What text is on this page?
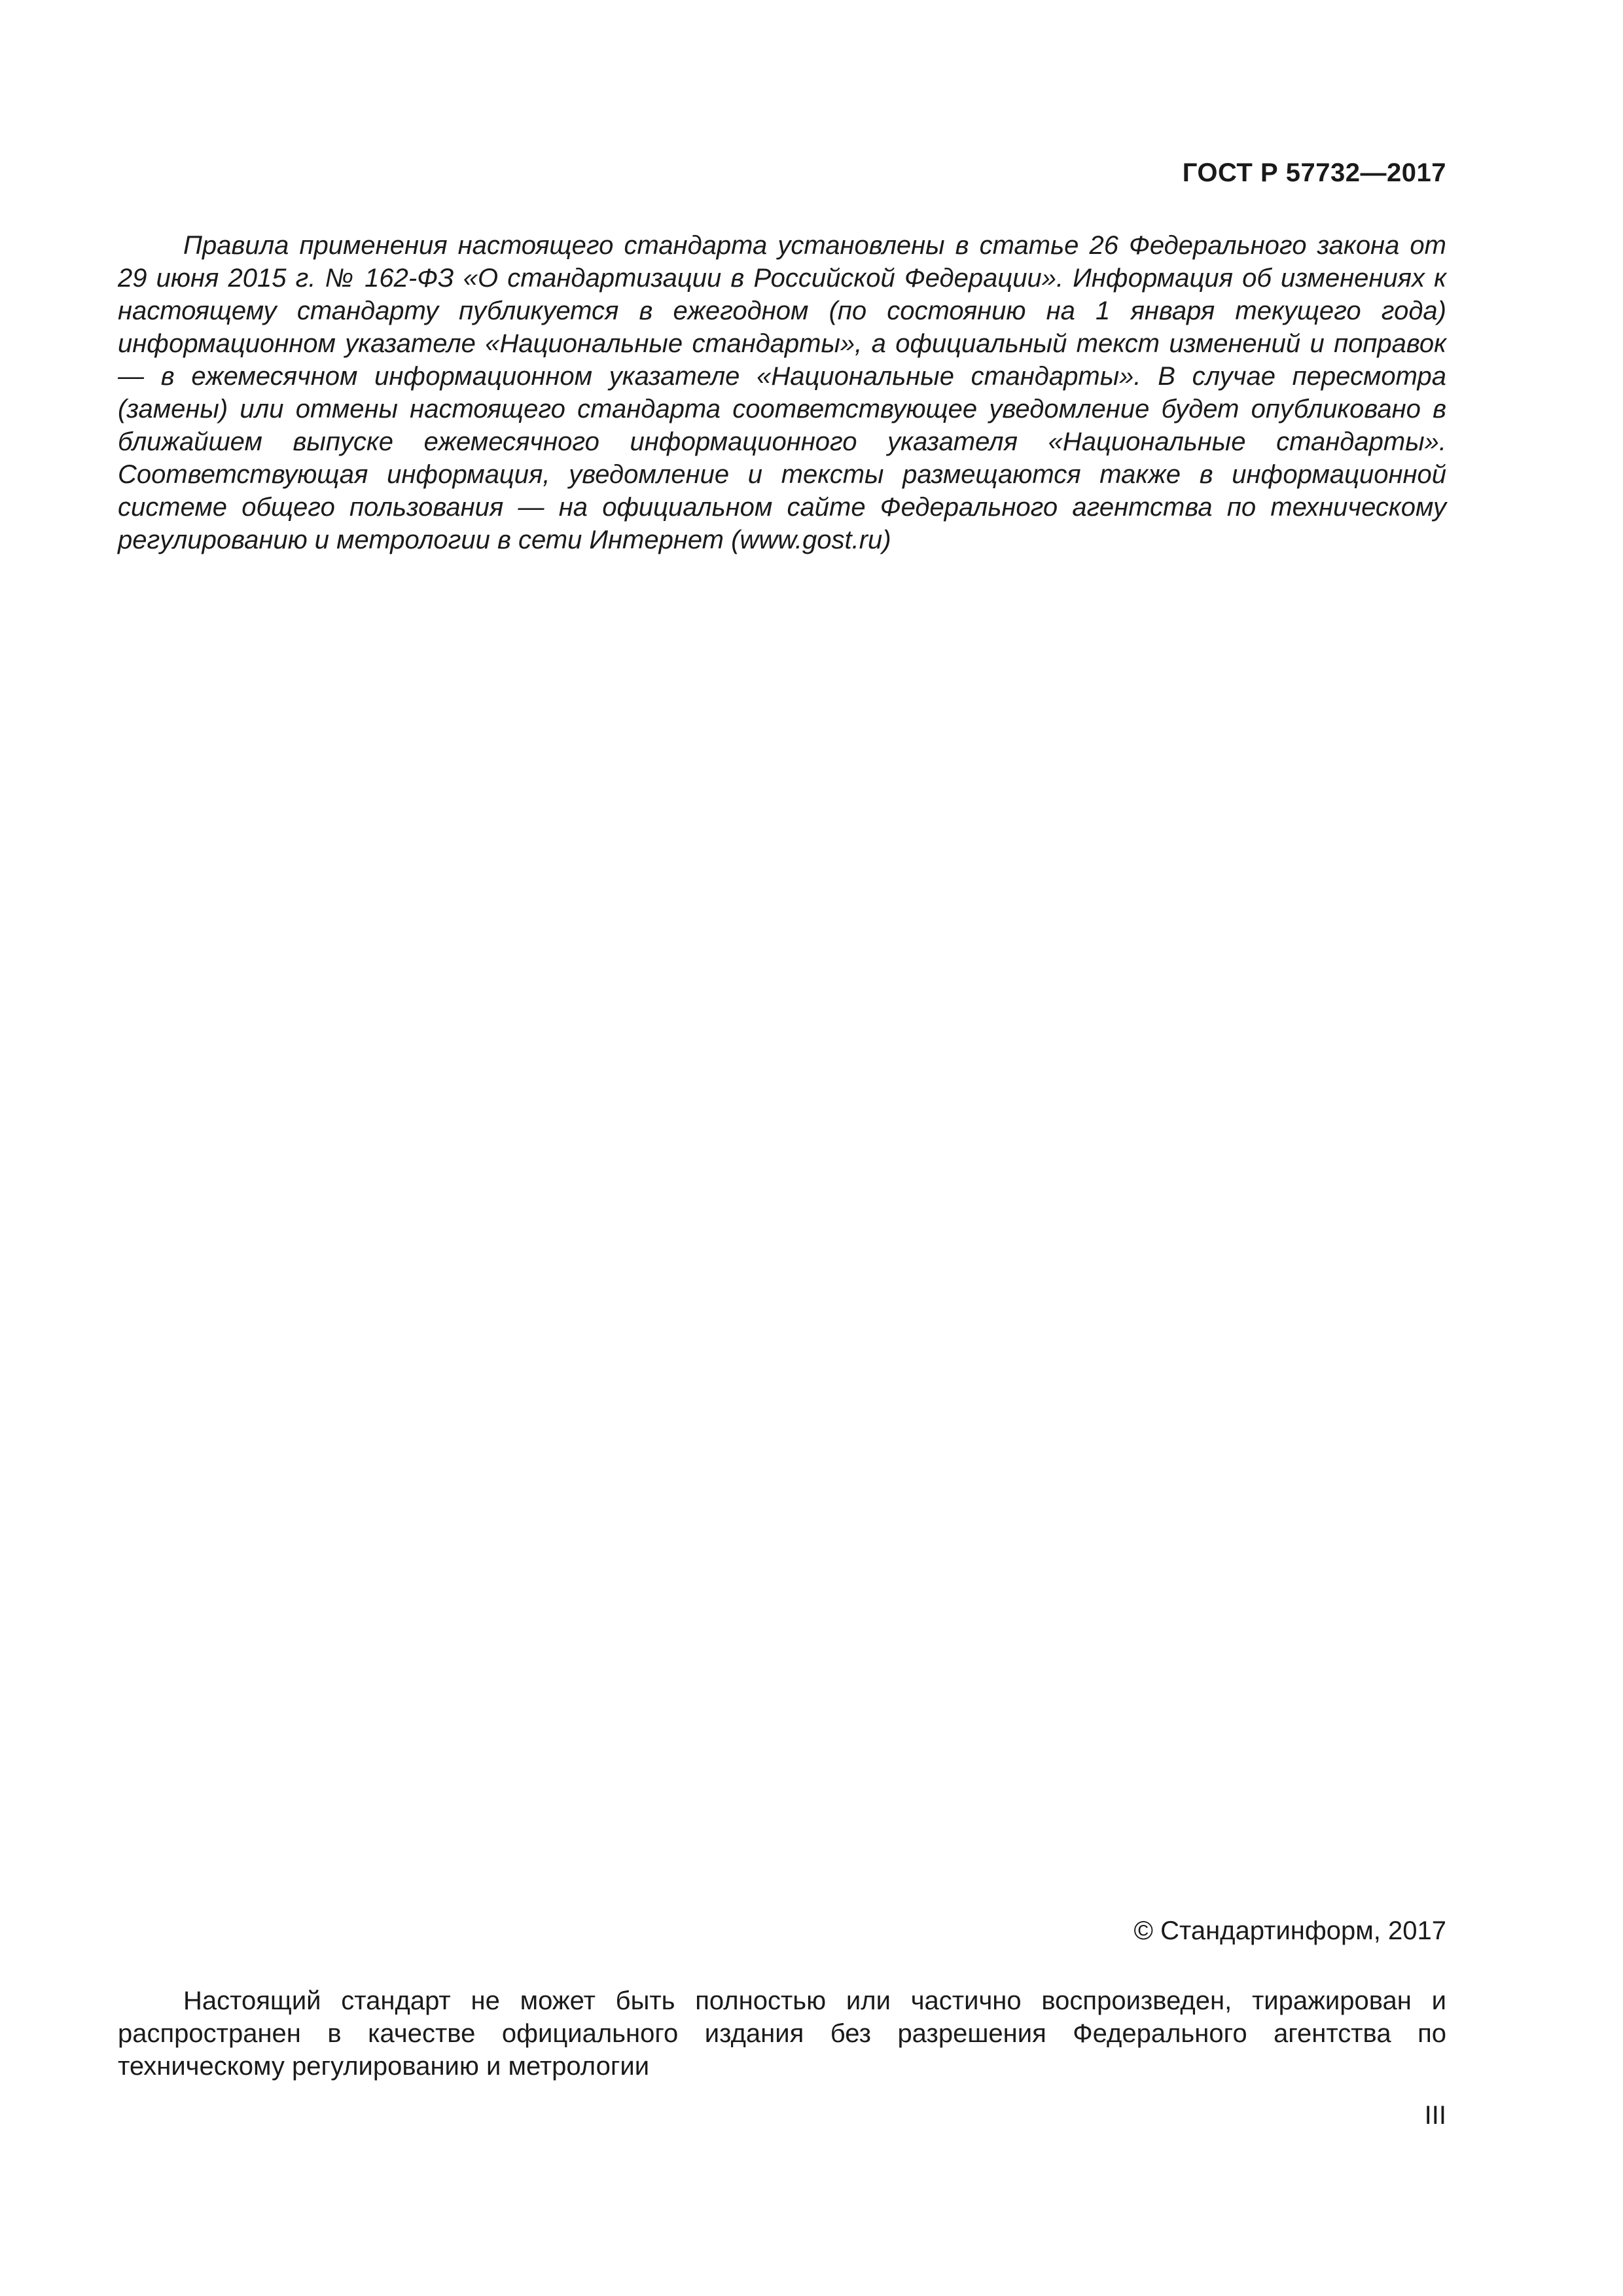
ГОСТ Р 57732—2017

Правила применения настоящего стандарта установлены в статье 26 Федерального закона от 29 июня 2015 г. № 162-ФЗ «О стандартизации в Российской Федерации». Информация об изменениях к настоящему стандарту публикуется в ежегодном (по состоянию на 1 января текущего года) информационном указателе «Национальные стандарты», а официальный текст изменений и поправок — в ежемесячном информационном указателе «Национальные стандарты». В случае пересмотра (замены) или отмены настоящего стандарта соответствующее уведомление будет опубликовано в ближайшем выпуске ежемесячного информационного указателя «Национальные стандарты». Соответствующая информация, уведомление и тексты размещаются также в информационной системе общего пользования — на официальном сайте Федерального агентства по техническому регулированию и метрологии в сети Интернет (www.gost.ru)

© Стандартинформ, 2017

Настоящий стандарт не может быть полностью или частично воспроизведен, тиражирован и распространен в качестве официального издания без разрешения Федерального агентства по техническому регулированию и метрологии

III
